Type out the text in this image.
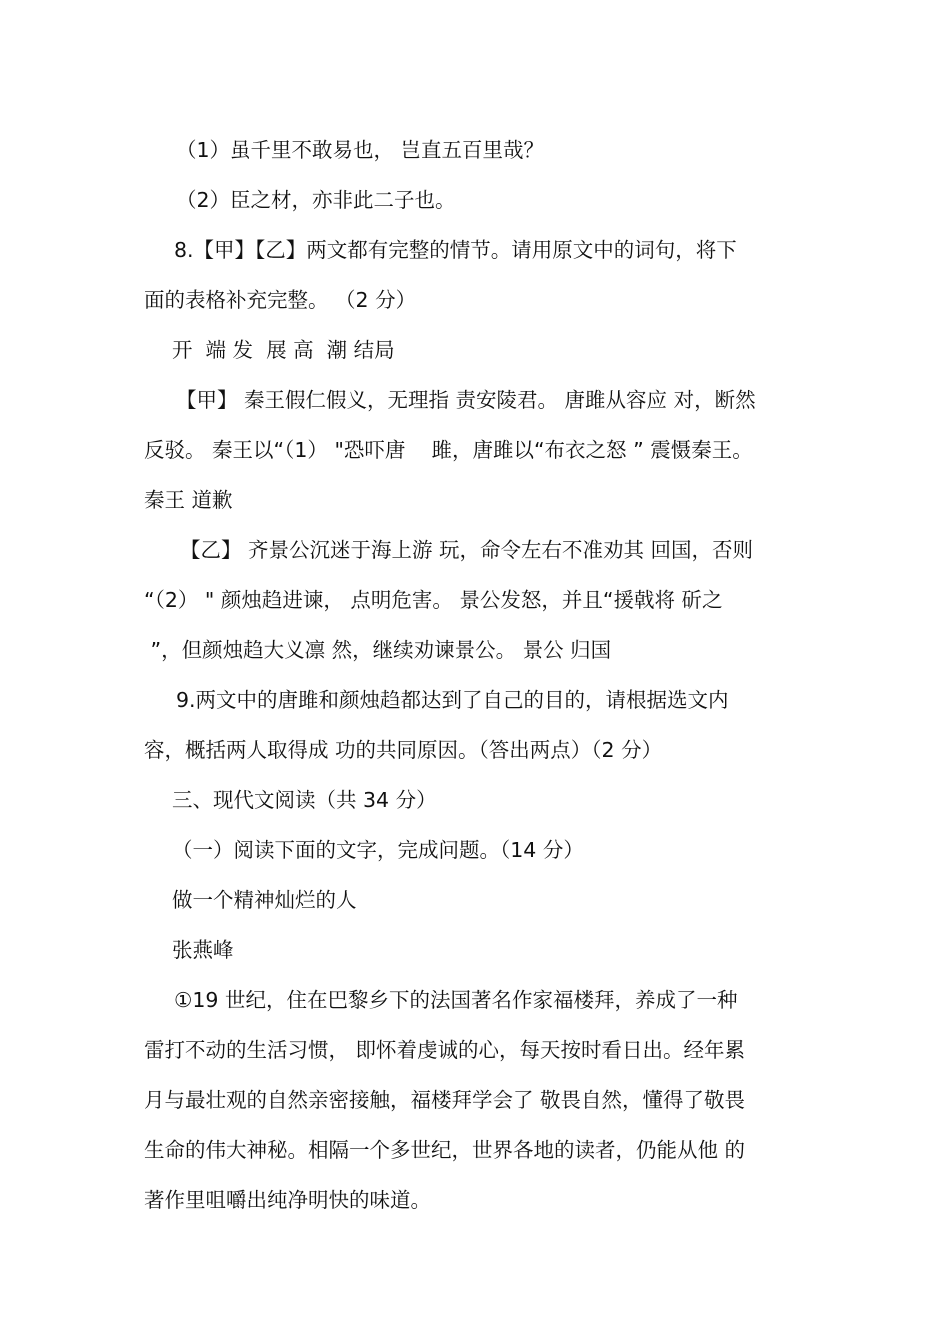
（1）虽千里不敢易也， 岂直五百里哉？

（2）臣之材，亦非此二子也。

8.【甲】【乙】两文都有完整的情节。请用原文中的词句，将下

面的表格补充完整。 （2 分）

开  端 发  展 高  潮 结局

【甲】 秦王假仁假义，无理指 责安陵君。 唐雎从容应 对，断然

反驳。 秦王以“（1） "恐吓唐    雎，唐雎以“布衣之怒 ” 震慑秦王。

秦王 道歉

【乙】 齐景公沉迷于海上游 玩，命令左右不准劝其 回国，否则

“（2） " 颜烛趋进谏， 点明危害。 景公发怒，并且“援戟将 斫之

”，但颜烛趋大义凛 然，继续劝谏景公。 景公 归国

9.两文中的唐雎和颜烛趋都达到了自己的目的，请根据选文内

容，概括两人取得成 功的共同原因。（答出两点）（2 分）

三、现代文阅读（共 34 分）

（一）阅读下面的文字，完成问题。（14 分）

做一个精神灿烂的人

张燕峰

①19 世纪，住在巴黎乡下的法国著名作家福楼拜，养成了一种

雷打不动的生活习惯， 即怀着虔诚的心，每天按时看日出。经年累

月与最壮观的自然亲密接触，福楼拜学会了 敬畏自然，懂得了敬畏

生命的伟大神秘。相隔一个多世纪，世界各地的读者，仍能从他 的

著作里咀嚼出纯净明快的味道。
